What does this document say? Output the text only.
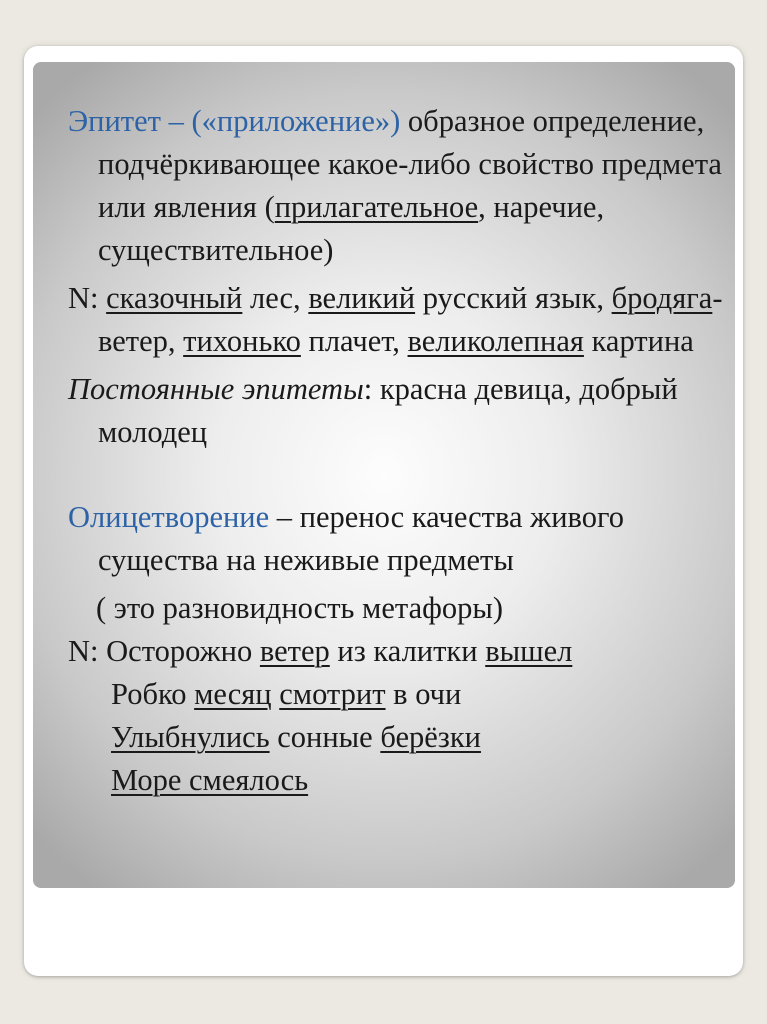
Эпитет – («приложение») образное определение, подчёркивающее какое-либо свойство предмета или явления (прилагательное, наречие, существительное)

N: сказочный лес, великий русский язык, бродяга-ветер, тихонько плачет, великолепная картина

Постоянные эпитеты: красна девица, добрый молодец

Олицетворение – перенос качества живого существа на неживые предметы

( это разновидность метафоры)

N: Осторожно ветер из калитки вышел

Робко месяц смотрит в очи

Улыбнулись сонные берёзки

Море смеялось
